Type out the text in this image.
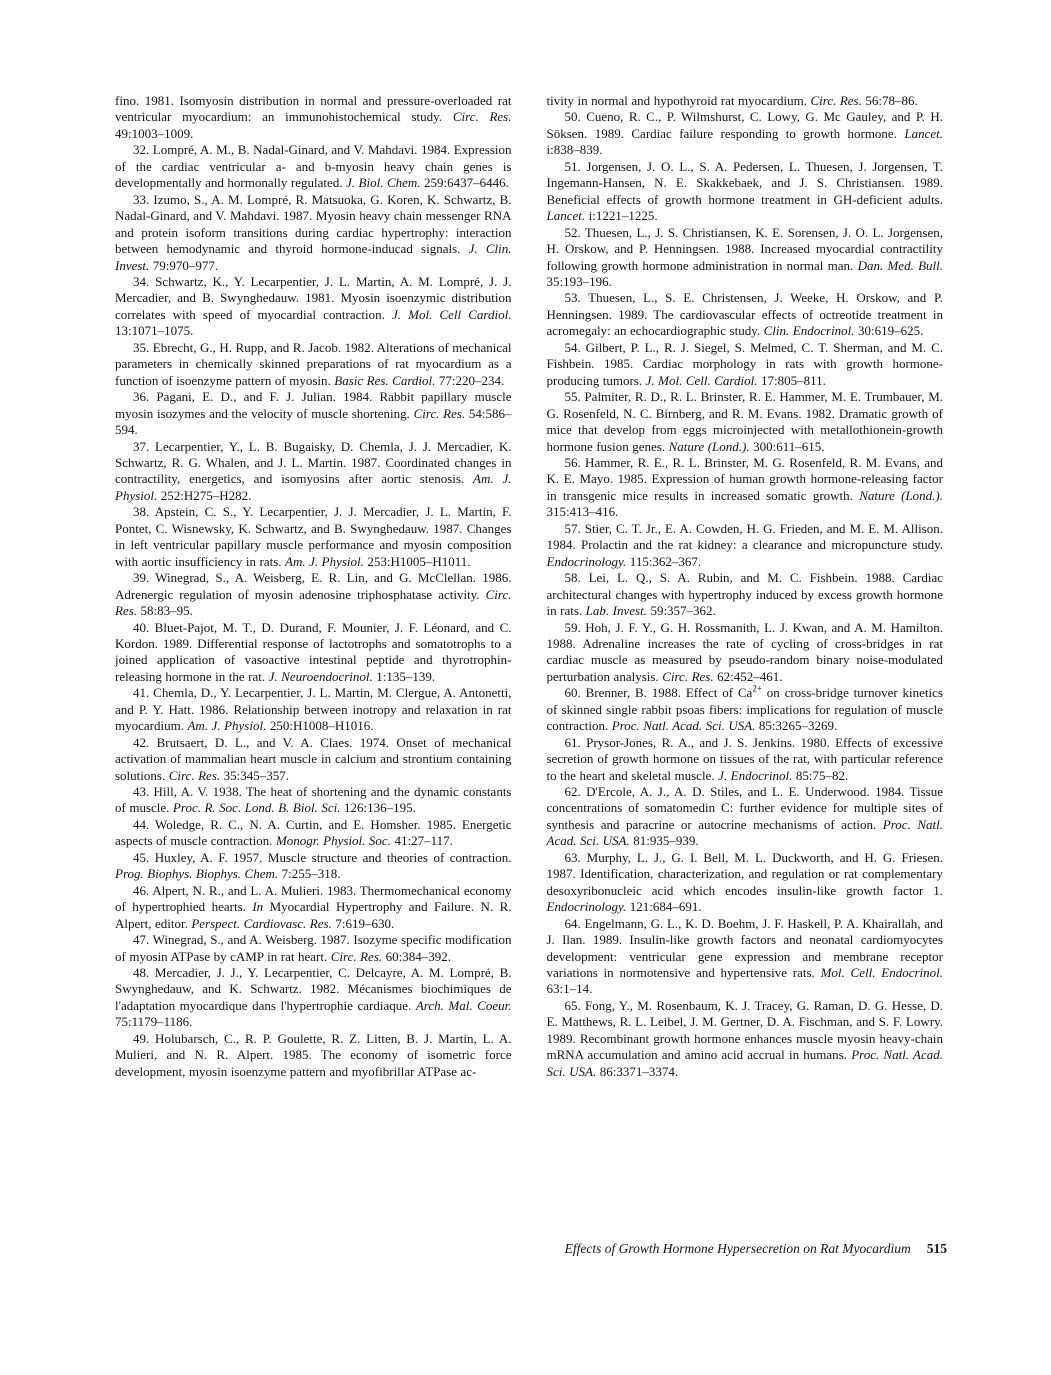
fino. 1981. Isomyosin distribution in normal and pressure-overloaded rat ventricular myocardium: an immunohistochemical study. Circ. Res. 49:1003–1009.

32. Lompré, A. M., B. Nadal-Ginard, and V. Mahdavi. 1984. Expression of the cardiac ventricular a- and b-myosin heavy chain genes is developmentally and hormonally regulated. J. Biol. Chem. 259:6437–6446.

33. Izumo, S., A. M. Lompré, R. Matsuoka, G. Koren, K. Schwartz, B. Nadal-Ginard, and V. Mahdavi. 1987. Myosin heavy chain messenger RNA and protein isoform transitions during cardiac hypertrophy: interaction between hemodynamic and thyroid hormone-inducad signals. J. Clin. Invest. 79:970–977.

34. Schwartz, K., Y. Lecarpentier, J. L. Martin, A. M. Lompré, J. J. Mercadier, and B. Swynghedauw. 1981. Myosin isoenzymic distribution correlates with speed of myocardial contraction. J. Mol. Cell Cardiol. 13:1071–1075.

35. Ebrecht, G., H. Rupp, and R. Jacob. 1982. Alterations of mechanical parameters in chemically skinned preparations of rat myocardium as a function of isoenzyme pattern of myosin. Basic Res. Cardiol. 77:220–234.

36. Pagani, E. D., and F. J. Julian. 1984. Rabbit papillary muscle myosin isozymes and the velocity of muscle shortening. Circ. Res. 54:586–594.

37. Lecarpentier, Y., L. B. Bugaisky, D. Chemla, J. J. Mercadier, K. Schwartz, R. G. Whalen, and J. L. Martin. 1987. Coordinated changes in contractility, energetics, and isomyosins after aortic stenosis. Am. J. Physiol. 252:H275–H282.

38. Apstein, C. S., Y. Lecarpentier, J. J. Mercadier, J. L. Martin, F. Pontet, C. Wisnewsky, K. Schwartz, and B. Swynghedauw. 1987. Changes in left ventricular papillary muscle performance and myosin composition with aortic insufficiency in rats. Am. J. Physiol. 253:H1005–H1011.

39. Winegrad, S., A. Weisberg, E. R. Lin, and G. McClellan. 1986. Adrenergic regulation of myosin adenosine triphosphatase activity. Circ. Res. 58:83–95.

40. Bluet-Pajot, M. T., D. Durand, F. Mounier, J. F. Léonard, and C. Kordon. 1989. Differential response of lactotrophs and somatotrophs to a joined application of vasoactive intestinal peptide and thyrotrophin-releasing hormone in the rat. J. Neuroendocrinol. 1:135–139.

41. Chemla, D., Y. Lecarpentier, J. L. Martin, M. Clergue, A. Antonetti, and P. Y. Hatt. 1986. Relationship between inotropy and relaxation in rat myocardium. Am. J. Physiol. 250:H1008–H1016.

42. Brutsaert, D. L., and V. A. Claes. 1974. Onset of mechanical activation of mammalian heart muscle in calcium and strontium containing solutions. Circ. Res. 35:345–357.

43. Hill, A. V. 1938. The heat of shortening and the dynamic constants of muscle. Proc. R. Soc. Lond. B. Biol. Sci. 126:136–195.

44. Woledge, R. C., N. A. Curtin, and E. Homsher. 1985. Energetic aspects of muscle contraction. Monogr. Physiol. Soc. 41:27–117.

45. Huxley, A. F. 1957. Muscle structure and theories of contraction. Prog. Biophys. Biophys. Chem. 7:255–318.

46. Alpert, N. R., and L. A. Mulieri. 1983. Thermomechanical economy of hypertrophied hearts. In Myocardial Hypertrophy and Failure. N. R. Alpert, editor. Perspect. Cardiovasc. Res. 7:619–630.

47. Winegrad, S., and A. Weisberg. 1987. Isozyme specific modification of myosin ATPase by cAMP in rat heart. Circ. Res. 60:384–392.

48. Mercadier, J. J., Y. Lecarpentier, C. Delcayre, A. M. Lompré, B. Swynghedauw, and K. Schwartz. 1982. Mécanismes biochimiques de l'adaptation myocardique dans l'hypertrophie cardiaque. Arch. Mal. Coeur. 75:1179–1186.

49. Holubarsch, C., R. P. Goulette, R. Z. Litten, B. J. Martin, L. A. Mulieri, and N. R. Alpert. 1985. The economy of isometric force development, myosin isoenzyme pattern and myofibrillar ATPase ac-

tivity in normal and hypothyroid rat myocardium. Circ. Res. 56:78–86.

50. Cueno, R. C., P. Wilmshurst, C. Lowy, G. Mc Gauley, and P. H. Söksen. 1989. Cardiac failure responding to growth hormone. Lancet. i:838–839.

51. Jorgensen, J. O. L., S. A. Pedersen, L. Thuesen, J. Jorgensen, T. Ingemann-Hansen, N. E. Skakkebaek, and J. S. Christiansen. 1989. Beneficial effects of growth hormone treatment in GH-deficient adults. Lancet. i:1221–1225.

52. Thuesen, L., J. S. Christiansen, K. E. Sorensen, J. O. L. Jorgensen, H. Orskow, and P. Henningsen. 1988. Increased myocardial contractility following growth hormone administration in normal man. Dan. Med. Bull. 35:193–196.

53. Thuesen, L., S. E. Christensen, J. Weeke, H. Orskow, and P. Henningsen. 1989. The cardiovascular effects of octreotide treatment in acromegaly: an echocardiographic study. Clin. Endocrinol. 30:619–625.

54. Gilbert, P. L., R. J. Siegel, S. Melmed, C. T. Sherman, and M. C. Fishbein. 1985. Cardiac morphology in rats with growth hormone-producing tumors. J. Mol. Cell. Cardiol. 17:805–811.

55. Palmiter, R. D., R. L. Brinster, R. E. Hammer, M. E. Trumbauer, M. G. Rosenfeld, N. C. Birnberg, and R. M. Evans. 1982. Dramatic growth of mice that develop from eggs microinjected with metallothionein-growth hormone fusion genes. Nature (Lond.). 300:611–615.

56. Hammer, R. E., R. L. Brinster, M. G. Rosenfeld, R. M. Evans, and K. E. Mayo. 1985. Expression of human growth hormone-releasing factor in transgenic mice results in increased somatic growth. Nature (Lond.). 315:413–416.

57. Stier, C. T. Jr., E. A. Cowden, H. G. Frieden, and M. E. M. Allison. 1984. Prolactin and the rat kidney: a clearance and micropuncture study. Endocrinology. 115:362–367.

58. Lei, L. Q., S. A. Rubin, and M. C. Fishbein. 1988. Cardiac architectural changes with hypertrophy induced by excess growth hormone in rats. Lab. Invest. 59:357–362.

59. Hoh, J. F. Y., G. H. Rossmanith, L. J. Kwan, and A. M. Hamilton. 1988. Adrenaline increases the rate of cycling of cross-bridges in rat cardiac muscle as measured by pseudo-random binary noise-modulated perturbation analysis. Circ. Res. 62:452–461.

60. Brenner, B. 1988. Effect of $Ca^{2+}$ on cross-bridge turnover kinetics of skinned single rabbit psoas fibers: implications for regulation of muscle contraction. Proc. Natl. Acad. Sci. USA. 85:3265–3269.

61. Prysor-Jones, R. A., and J. S. Jenkins. 1980. Effects of excessive secretion of growth hormone on tissues of the rat, with particular reference to the heart and skeletal muscle. J. Endocrinol. 85:75–82.

62. D'Ercole, A. J., A. D. Stiles, and L. E. Underwood. 1984. Tissue concentrations of somatomedin C: further evidence for multiple sites of synthesis and paracrine or autocrine mechanisms of action. Proc. Natl. Acad. Sci. USA. 81:935–939.

63. Murphy, L. J., G. I. Bell, M. L. Duckworth, and H. G. Friesen. 1987. Identification, characterization, and regulation or rat complementary desoxyribonucleic acid which encodes insulin-like growth factor 1. Endocrinology. 121:684–691.

64. Engelmann, G. L., K. D. Boehm, J. F. Haskell, P. A. Khairallah, and J. Ilan. 1989. Insulin-like growth factors and neonatal cardiomyocytes development: ventricular gene expression and membrane receptor variations in normotensive and hypertensive rats. Mol. Cell. Endocrinol. 63:1–14.

65. Fong, Y., M. Rosenbaum, K. J. Tracey, G. Raman, D. G. Hesse, D. E. Matthews, R. L. Leibel, J. M. Gertner, D. A. Fischman, and S. F. Lowry. 1989. Recombinant growth hormone enhances muscle myosin heavy-chain mRNA accumulation and amino acid accrual in humans. Proc. Natl. Acad. Sci. USA. 86:3371–3374.

Effects of Growth Hormone Hypersecretion on Rat Myocardium 515
